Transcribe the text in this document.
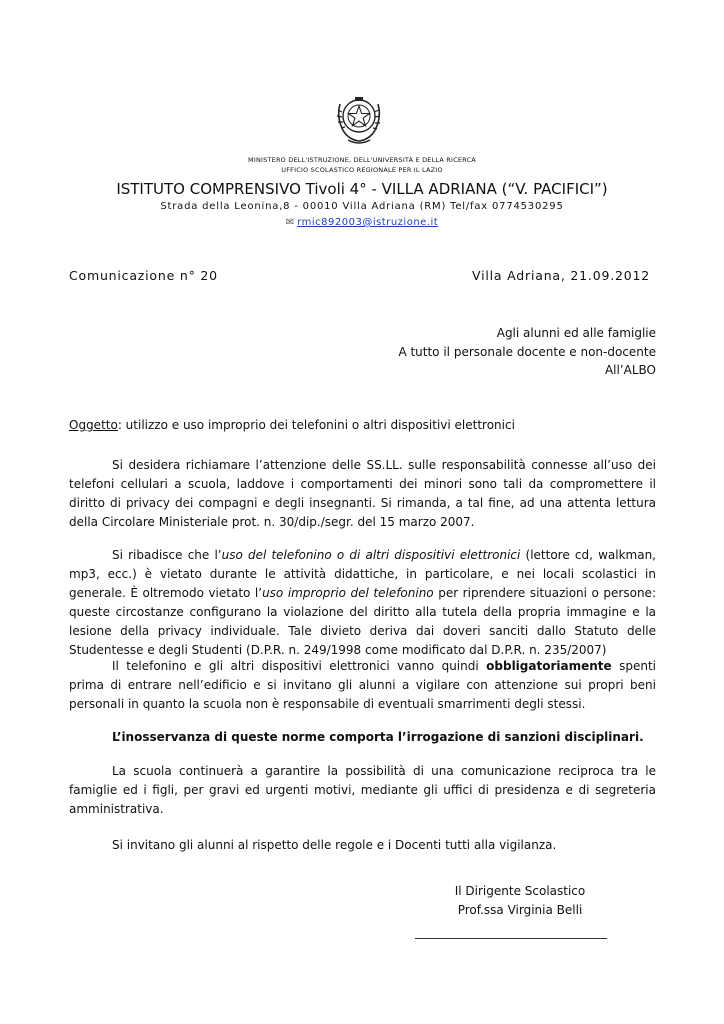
MINISTERO DELL'ISTRUZIONE, DELL'UNIVERSITÀ E DELLA RICERCA
UFFICIO SCOLASTICO REGIONALE PER IL LAZIO
ISTITUTO COMPRENSIVO Tivoli 4° - VILLA ADRIANA (“V. PACIFICI”)
Strada della Leonina,8 - 00010 Villa Adriana (RM) Tel/fax 0774530295
✉ rmic892003@istruzione.it
Comunicazione n° 20	Villa Adriana, 21.09.2012
Agli alunni ed alle famiglie
A tutto il personale docente e non-docente
All’ALBO
Oggetto: utilizzo e uso improprio dei telefonini o altri dispositivi elettronici
Si desidera richiamare l’attenzione delle SS.LL. sulle responsabilità connesse all’uso dei telefoni cellulari a scuola, laddove i comportamenti dei minori sono tali da compromettere il diritto di privacy dei compagni e degli insegnanti. Si rimanda, a tal fine, ad una attenta lettura della Circolare Ministeriale prot. n. 30/dip./segr. del 15 marzo 2007.
Si ribadisce che l’uso del telefonino o di altri dispositivi elettronici (lettore cd, walkman, mp3, ecc.) è vietato durante le attività didattiche, in particolare, e nei locali scolastici in generale. È oltremodo vietato l’uso improprio del telefonino per riprendere situazioni o persone: queste circostanze configurano la violazione del diritto alla tutela della propria immagine e la lesione della privacy individuale. Tale divieto deriva dai doveri sanciti dallo Statuto delle Studentesse e degli Studenti (D.P.R. n. 249/1998 come modificato dal D.P.R. n. 235/2007)
Il telefonino e gli altri dispositivi elettronici vanno quindi obbligatoriamente spenti prima di entrare nell’edificio e si invitano gli alunni a vigilare con attenzione sui propri beni personali in quanto la scuola non è responsabile di eventuali smarrimenti degli stessi.
L’inosservanza di queste norme comporta l’irrogazione di sanzioni disciplinari.
La scuola continuerà a garantire la possibilità di una comunicazione reciproca tra le famiglie ed i figli, per gravi ed urgenti motivi, mediante gli uffici di presidenza e di segreteria amministrativa.
Si invitano gli alunni al rispetto delle regole e i Docenti tutti alla vigilanza.
Il Dirigente Scolastico
Prof.ssa Virginia Belli
_______________________________
